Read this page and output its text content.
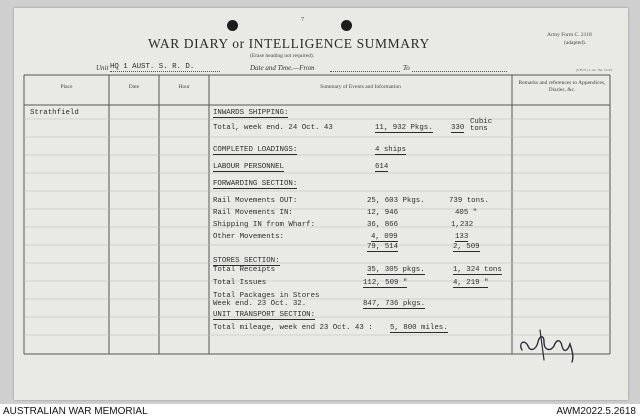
7
WAR DIARY or INTELLIGENCE SUMMARY
(Erase heading not required).
Army Form C. 2118
(adapted).
Unit HQ 1 AUST. S. R. D.	Date and Time.—From	To	(S.H.N.) L.42. 7M. 12/43.
Place	Date	Hour	Summary of Events and Information
Remarks and references to Appendices, Diaries, &c.
Strathfield	INWARDS SHIPPING:
Total, week end. 24 Oct. 43	11, 932 Pkgs. 330
Cubic
tons
COMPLETED LOADINGS:	4 ships
LABOUR PERSONNEL	614
FORWARDING SECTION:
Rail Movements OUT:	25, 603 Pkgs.	739 tons.
Rail Movements IN:	12, 946	405 "
Shipping IN from Wharf:	36, 866	1,232
Other Movements:	4, 099	133
79, 514	2, 509
STORES SECTION:
Total Receipts	35, 305 pkgs.	1, 324 tons
Total Issues	112, 509 "	4, 219 "
Total Packages in Stores
Week end. 23 Oct. 32.	847, 736 pkgs.
UNIT TRANSPORT SECTION:
Total mileage, week end 23 Oct. 43 : 5, 800 miles.
AUSTRALIAN WAR MEMORIAL	AWM2022.5.2618
